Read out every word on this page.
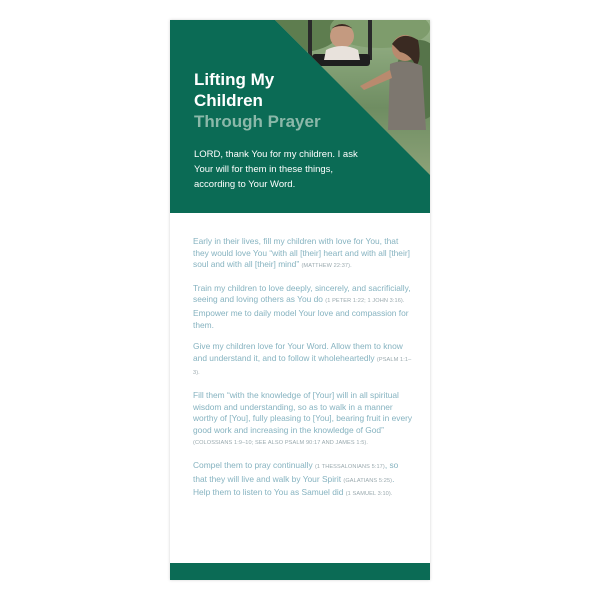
Lifting My
Children
Through Prayer

LORD, thank You for my children. I ask Your will for them in these things, according to Your Word.

Early in their lives, fill my children with love for You, that they would love You “with all [their] heart and with all [their] soul and with all [their] mind” (MATTHEW 22:37).

Train my children to love deeply, sincerely, and sacrificially, seeing and loving others as You do (1 PETER 1:22; 1 JOHN 3:16). Empower me to daily model Your love and compassion for them.

Give my children love for Your Word. Allow them to know and understand it, and to follow it wholeheartedly (PSALM 1:1–3).

Fill them “with the knowledge of [Your] will in all spiritual wisdom and understanding, so as to walk in a manner worthy of [You], fully pleasing to [You], bearing fruit in every good work and increasing in the knowledge of God” (COLOSSIANS 1:9–10; SEE ALSO PSALM 90:17 AND JAMES 1:5).

Compel them to pray continually (1 THESSALONIANS 5:17), so that they will live and walk by Your Spirit (GALATIANS 5:25). Help them to listen to You as Samuel did (1 SAMUEL 3:10).
